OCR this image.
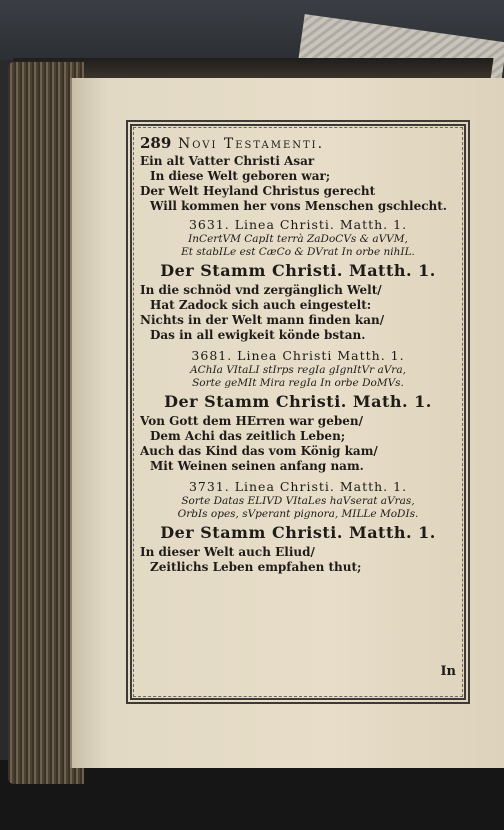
289 Novi Testamenti.
Ein alt Vatter Christi Asar
In diese Welt geboren war;
Der Welt Heyland Christus gerecht
Will kommen her vons Menschen gschlecht.
3631. Linea Christi. Matth. 1.
InCertVM CapIt terrà ZaDoCVs & aVVM,
Et stabILe est CæCo & DVrat In orbe nihIL.
Der Stamm Christi. Matth. 1.
In die schnöd vnd zergänglich Welt/
Hat Zadock sich auch eingestelt:
Nichts in der Welt mann finden kan/
Das in all ewigkeit könde bstan.
3681. Linea Christi Matth. 1.
AChIa VItaLI stIrps regIa gIgnItVr aVra,
Sorte geMIt Mira regIa In orbe DoMVs.
Der Stamm Christi. Math. 1.
Von Gott dem HErren war geben/
Dem Achi das zeitlich Leben;
Auch das Kind das vom König kam/
Mit Weinen seinen anfang nam.
3731. Linea Christi. Matth. 1.
Sorte Datas ELIVD VItaLes haVserat aVras,
OrbIs opes, sVperant pignora, MILLe MoDIs.
Der Stamm Christi. Matth. 1.
In dieser Welt auch Eliud/
Zeitlichs Leben empfahen thut;
In
